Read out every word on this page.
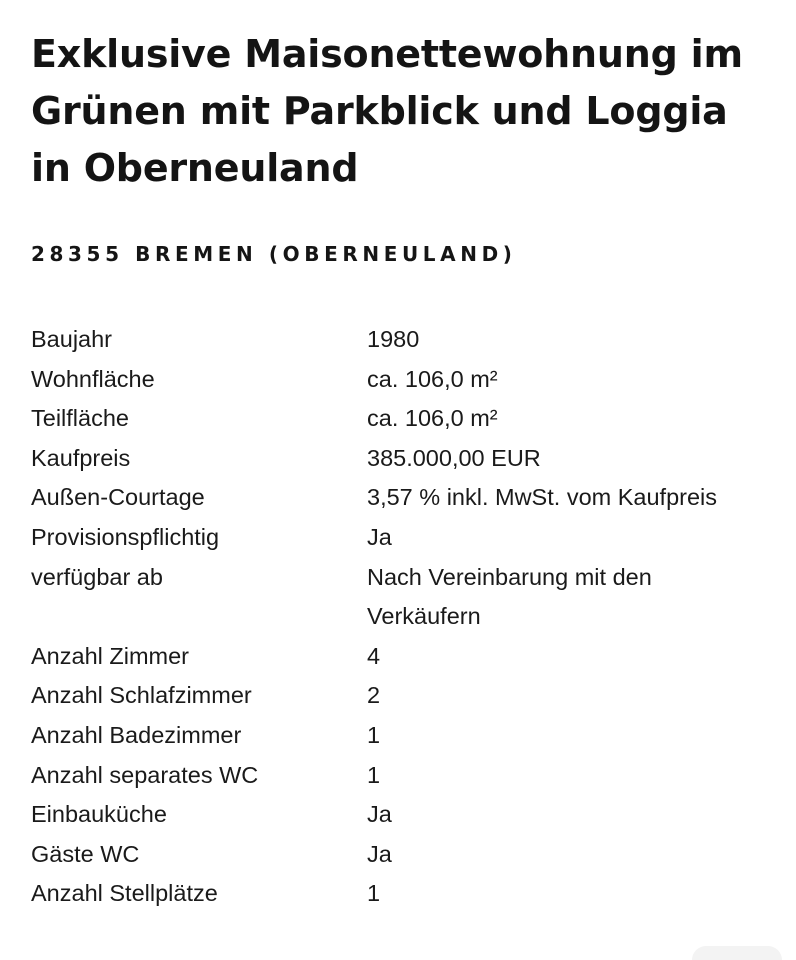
Exklusive Maisonettewohnung im Grünen mit Parkblick und Loggia in Oberneuland
28355 BREMEN (OBERNEULAND)
Baujahr	1980
Wohnfläche	ca. 106,0 m²
Teilfläche	ca. 106,0 m²
Kaufpreis	385.000,00 EUR
Außen-Courtage	3,57 % inkl. MwSt. vom Kaufpreis
Provisionspflichtig	Ja
verfügbar ab	Nach Vereinbarung mit den Verkäufern
Anzahl Zimmer	4
Anzahl Schlafzimmer	2
Anzahl Badezimmer	1
Anzahl separates WC	1
Einbauküche	Ja
Gäste WC	Ja
Anzahl Stellplätze	1
